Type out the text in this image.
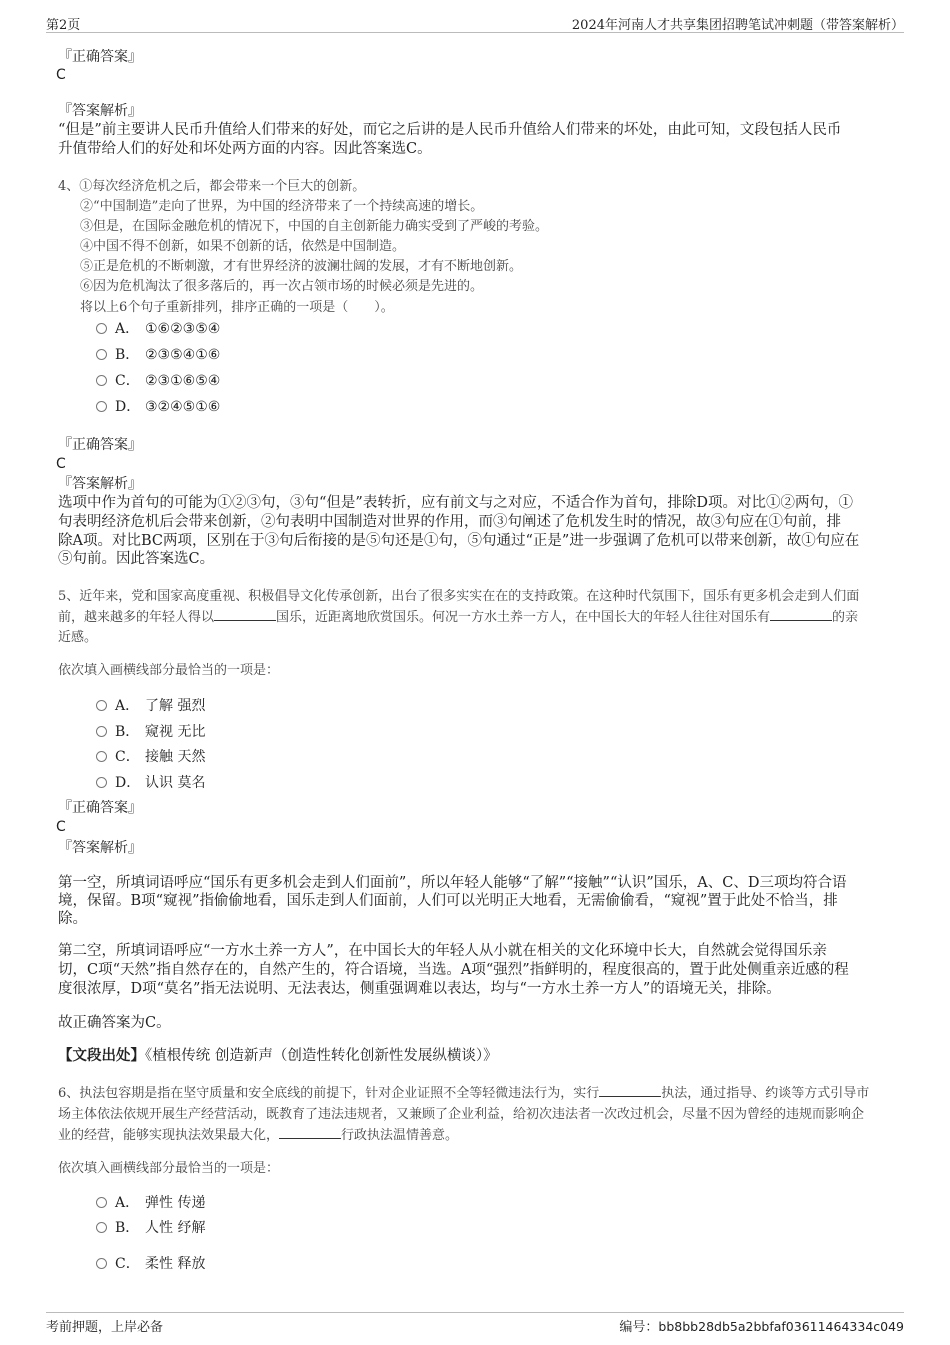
第2页	2024年河南人才共享集团招聘笔试冲刺题（带答案解析）
『正确答案』
C
『答案解析』
“但是”前主要讲人民币升值给人们带来的好处，而它之后讲的是人民币升值给人们带来的坏处，由此可知，文段包括人民币
升值带给人们的好处和坏处两方面的内容。因此答案选C。
4、①每次经济危机之后，都会带来一个巨大的创新。
②“中国制造”走向了世界，为中国的经济带来了一个持续高速的增长。
③但是，在国际金融危机的情况下，中国的自主创新能力确实受到了严峻的考验。
④中国不得不创新，如果不创新的话，依然是中国制造。
⑤正是危机的不断刺激，才有世界经济的波澜壮阔的发展，才有不断地创新。
⑥因为危机淘汰了很多落后的，再一次占领市场的时候必须是先进的。
将以上6个句子重新排列，排序正确的一项是（　　）。
A． ①⑥②③⑤④
B． ②③⑤④①⑥
C． ②③①⑥⑤④
D． ③②④⑤①⑥
『正确答案』
C
『答案解析』
选项中作为首句的可能为①②③句，③句“但是”表转折，应有前文与之对应，不适合作为首句，排除D项。对比①②两句，①
句表明经济危机后会带来创新，②句表明中国制造对世界的作用，而③句阐述了危机发生时的情况，故③句应在①句前，排
除A项。对比BC两项，区别在于③句后衔接的是⑤句还是①句，⑤句通过“正是”进一步强调了危机可以带来创新，故①句应在
⑤句前。因此答案选C。
5、近年来，党和国家高度重视、积极倡导文化传承创新，出台了很多实实在在的支持政策。在这种时代氛围下，国乐有更多机会走到人们面
前，越来越多的年轻人得以	国乐，近距离地欣赏国乐。何况一方水土养一方人，在中国长大的年轻人往往对国乐有	的亲
近感。
依次填入画横线部分最恰当的一项是：
A． 了解 强烈
B． 窥视 无比
C． 接触 天然
D． 认识 莫名
『正确答案』
C
『答案解析』
第一空，所填词语呼应“国乐有更多机会走到人们面前”，所以年轻人能够“了解”“接触”“认识”国乐，A、C、D三项均符合语
境，保留。B项“窥视”指偷偷地看，国乐走到人们面前，人们可以光明正大地看，无需偷偷看，“窥视”置于此处不恰当，排
除。
第二空，所填词语呼应“一方水土养一方人”，在中国长大的年轻人从小就在相关的文化环境中长大，自然就会觉得国乐亲
切，C项“天然”指自然存在的，自然产生的，符合语境，当选。A项“强烈”指鲜明的，程度很高的，置于此处侧重亲近感的程
度很浓厚，D项“莫名”指无法说明、无法表达，侧重强调难以表达，均与“一方水土养一方人”的语境无关，排除。
故正确答案为C。
【文段出处】《植根传统 创造新声（创造性转化创新性发展纵横谈）》
6、执法包容期是指在坚守质量和安全底线的前提下，针对企业证照不全等轻微违法行为，实行	执法，通过指导、约谈等方式引导市
场主体依法依规开展生产经营活动，既教育了违法违规者，又兼顾了企业利益，给初次违法者一次改过机会，尽量不因为曾经的违规而影响企
业的经营，能够实现执法效果最大化，	行政执法温情善意。
依次填入画横线部分最恰当的一项是：
A． 弹性 传递
B． 人性 纾解
C． 柔性 释放
考前押题，上岸必备	编号：bb8bb28db5a2bbfaf03611464334c049
